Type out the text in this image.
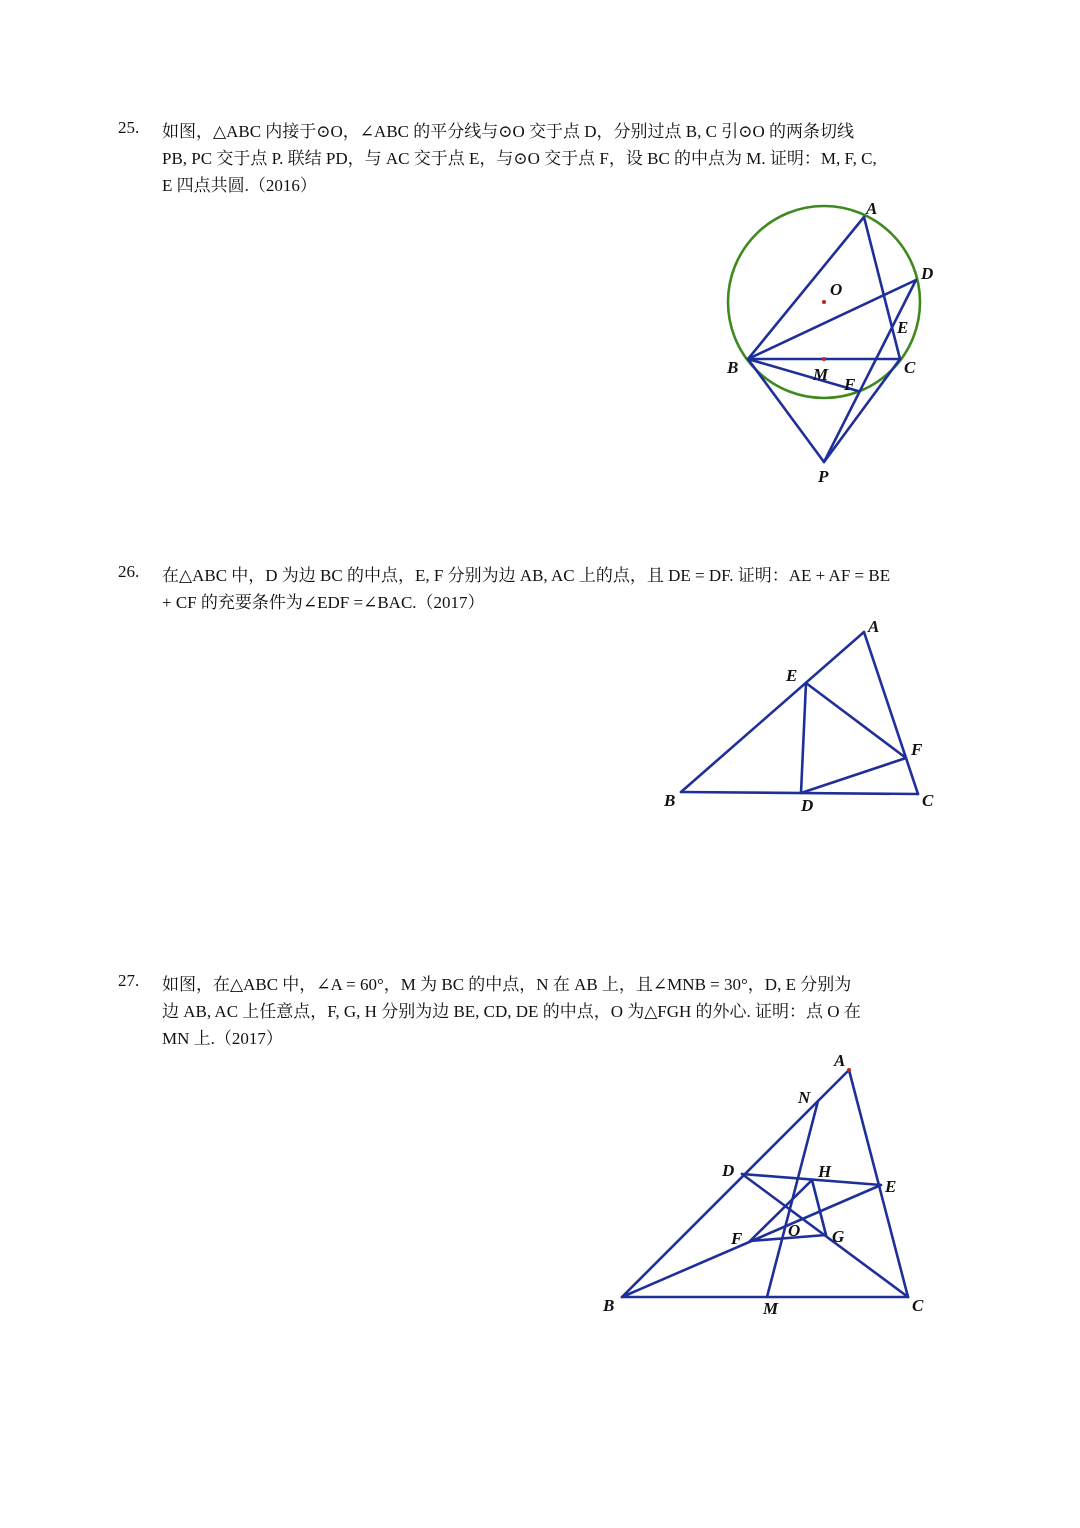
25. 如图，△ABC 内接于⊙O，∠ABC 的平分线与⊙O 交于点 D，分别过点 B, C 引⊙O 的两条切线
PB, PC 交于点 P. 联结 PD，与 AC 交于点 E，与⊙O 交于点 F，设 BC 的中点为 M. 证明：M, F, C,
E 四点共圆.（2016）
A
D
O
E
B	M	C
F
P
26. 在△ABC 中，D 为边 BC 的中点，E, F 分别为边 AB, AC 上的点，且 DE = DF. 证明：AE + AF = BE
+ CF 的充要条件为∠EDF =∠BAC.（2017）
A
E
F
B	D	C
27. 如图，在△ABC 中，∠A = 60°，M 为 BC 的中点，N 在 AB 上，且∠MNB = 30°，D, E 分别为
边 AB, AC 上任意点，F, G, H 分别为边 BE, CD, DE 的中点，O 为△FGH 的外心. 证明：点 O 在
MN 上.（2017）
A
N
D	H
E
F	O G
B	M	C
